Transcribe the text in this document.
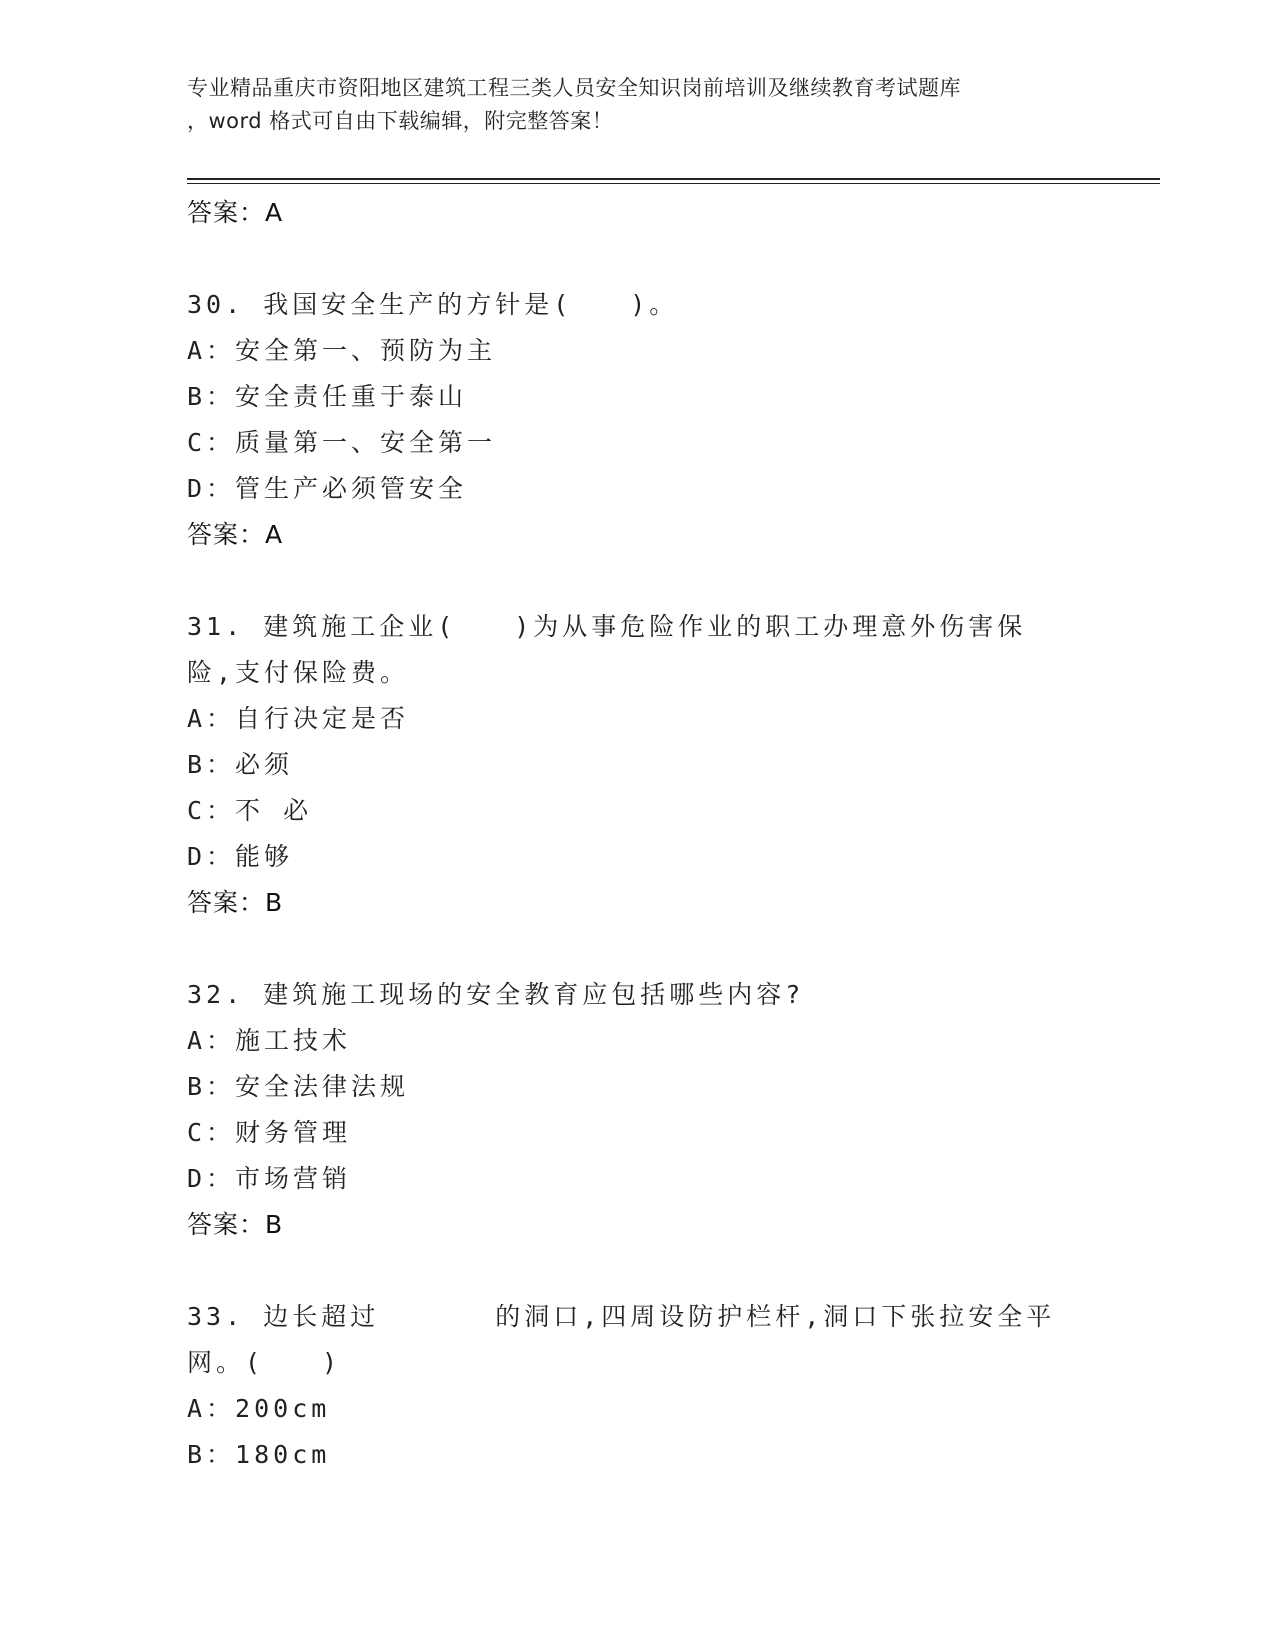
专业精品重庆市资阳地区建筑工程三类人员安全知识岗前培训及继续教育考试题库
，word 格式可自由下载编辑，附完整答案！
答案：A
30. 我国安全生产的方针是(　　)。
A：安全第一、预防为主
B：安全责任重于泰山
C：质量第一、安全第一
D：管生产必须管安全
答案：A
31. 建筑施工企业(　　)为从事危险作业的职工办理意外伤害保险,支付保险费。
A：自行决定是否
B：必须
C：不 必
D：能够
答案：B
32. 建筑施工现场的安全教育应包括哪些内容?
A：施工技术
B：安全法律法规
C：财务管理
D：市场营销
答案：B
33. 边长超过　　　　的洞口,四周设防护栏杆,洞口下张拉安全平网。(　　)
A：200cm
B：180cm
